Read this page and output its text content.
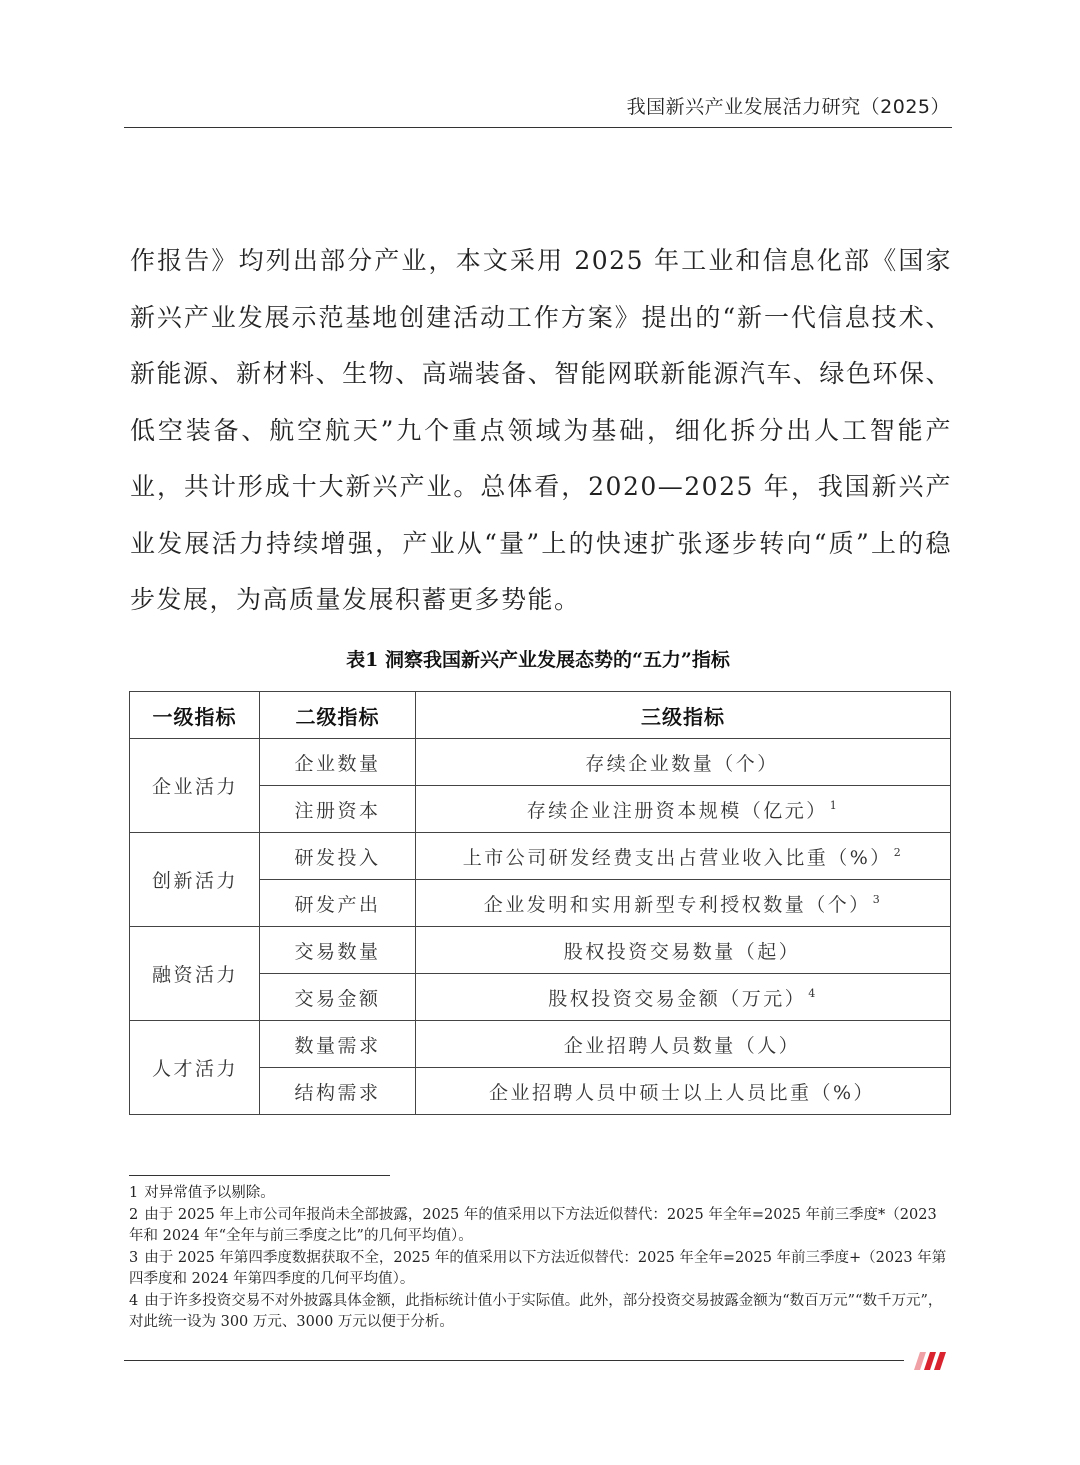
我国新兴产业发展活力研究（2025）

作报告》均列出部分产业，本文采用 2025 年工业和信息化部《国家新兴产业发展示范基地创建活动工作方案》提出的“新一代信息技术、新能源、新材料、生物、高端装备、智能网联新能源汽车、绿色环保、低空装备、航空航天”九个重点领域为基础，细化拆分出人工智能产业，共计形成十大新兴产业。总体看，2020—2025 年，我国新兴产业发展活力持续增强，产业从“量”上的快速扩张逐步转向“质”上的稳步发展，为高质量发展积蓄更多势能。

表1 洞察我国新兴产业发展态势的“五力”指标
一级指标	二级指标	三级指标
企业活力	企业数量	存续企业数量（个）
	注册资本	存续企业注册资本规模（亿元） $^1$
创新活力	研发投入	上市公司研发经费支出占营业收入比重（%） $^2$
	研发产出	企业发明和实用新型专利授权数量（个） $^3$
融资活力	交易数量	股权投资交易数量（起）
	交易金额	股权投资交易金额（万元） $^4$
人才活力	数量需求	企业招聘人员数量（人）
	结构需求	企业招聘人员中硕士以上人员比重（%）

1 对异常值予以剔除。

2 由于 2025 年上市公司年报尚未全部披露，2025 年的值采用以下方法近似替代：2025 年全年=2025 年前三季度*（2023 年和 2024 年“全年与前三季度之比”的几何平均值）。

3 由于 2025 年第四季度数据获取不全，2025 年的值采用以下方法近似替代：2025 年全年=2025 年前三季度+（2023 年第四季度和 2024 年第四季度的几何平均值）。

4 由于许多投资交易不对外披露具体金额，此指标统计值小于实际值。此外，部分投资交易披露金额为“数百万元”“数千万元”，对此统一设为 300 万元、3000 万元以便于分析。
